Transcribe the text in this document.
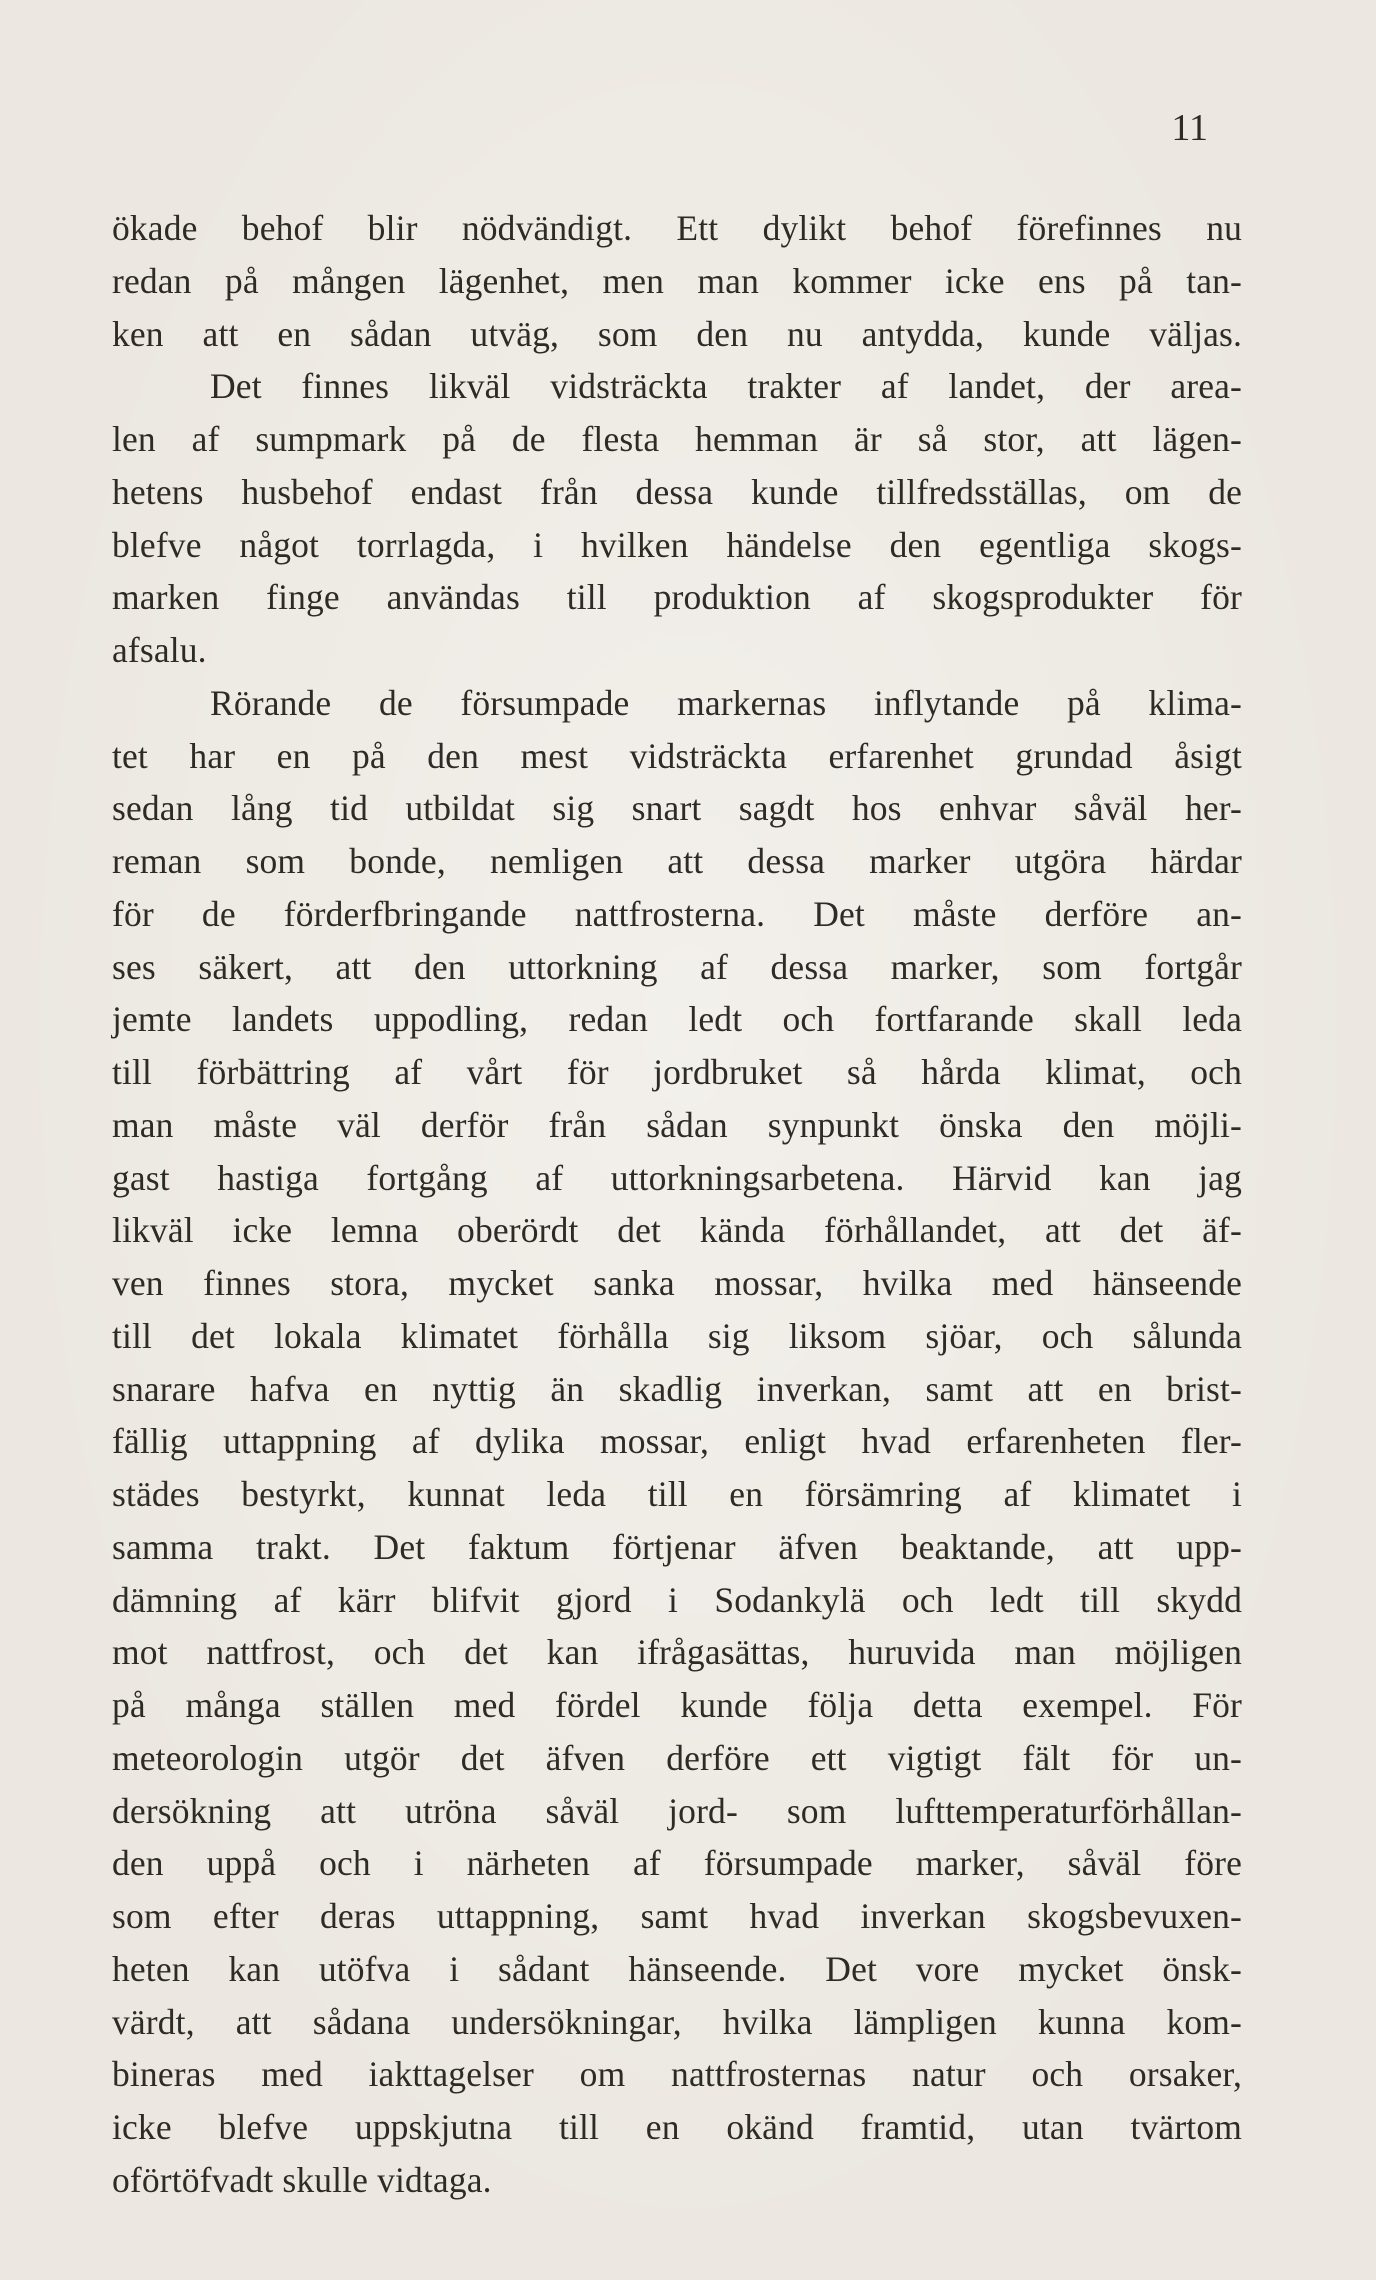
11
ökade behof blir nödvändigt. Ett dylikt behof förefinnes nu
redan på mången lägenhet, men man kommer icke ens på tan-
ken att en sådan utväg, som den nu antydda, kunde väljas.
Det finnes likväl vidsträckta trakter af landet, der area-
len af sumpmark på de flesta hemman är så stor, att lägen-
hetens husbehof endast från dessa kunde tillfredsställas, om de
blefve något torrlagda, i hvilken händelse den egentliga skogs-
marken finge användas till produktion af skogsprodukter för
afsalu.
Rörande de försumpade markernas inflytande på klima-
tet har en på den mest vidsträckta erfarenhet grundad åsigt
sedan lång tid utbildat sig snart sagdt hos enhvar såväl her-
reman som bonde, nemligen att dessa marker utgöra härdar
för de förderfbringande nattfrosterna. Det måste derföre an-
ses säkert, att den uttorkning af dessa marker, som fortgår
jemte landets uppodling, redan ledt och fortfarande skall leda
till förbättring af vårt för jordbruket så hårda klimat, och
man måste väl derför från sådan synpunkt önska den möjli-
gast hastiga fortgång af uttorkningsarbetena. Härvid kan jag
likväl icke lemna oberördt det kända förhållandet, att det äf-
ven finnes stora, mycket sanka mossar, hvilka med hänseende
till det lokala klimatet förhålla sig liksom sjöar, och sålunda
snarare hafva en nyttig än skadlig inverkan, samt att en brist-
fällig uttappning af dylika mossar, enligt hvad erfarenheten fler-
städes bestyrkt, kunnat leda till en försämring af klimatet i
samma trakt. Det faktum förtjenar äfven beaktande, att upp-
dämning af kärr blifvit gjord i Sodankylä och ledt till skydd
mot nattfrost, och det kan ifrågasättas, huruvida man möjligen
på många ställen med fördel kunde följa detta exempel. För
meteorologin utgör det äfven derföre ett vigtigt fält för un-
dersökning att utröna såväl jord- som lufttemperaturförhållan-
den uppå och i närheten af försumpade marker, såväl före
som efter deras uttappning, samt hvad inverkan skogsbevuxen-
heten kan utöfva i sådant hänseende. Det vore mycket önsk-
värdt, att sådana undersökningar, hvilka lämpligen kunna kom-
bineras med iakttagelser om nattfrosternas natur och orsaker,
icke blefve uppskjutna till en okänd framtid, utan tvärtom
oförtöfvadt skulle vidtaga.
